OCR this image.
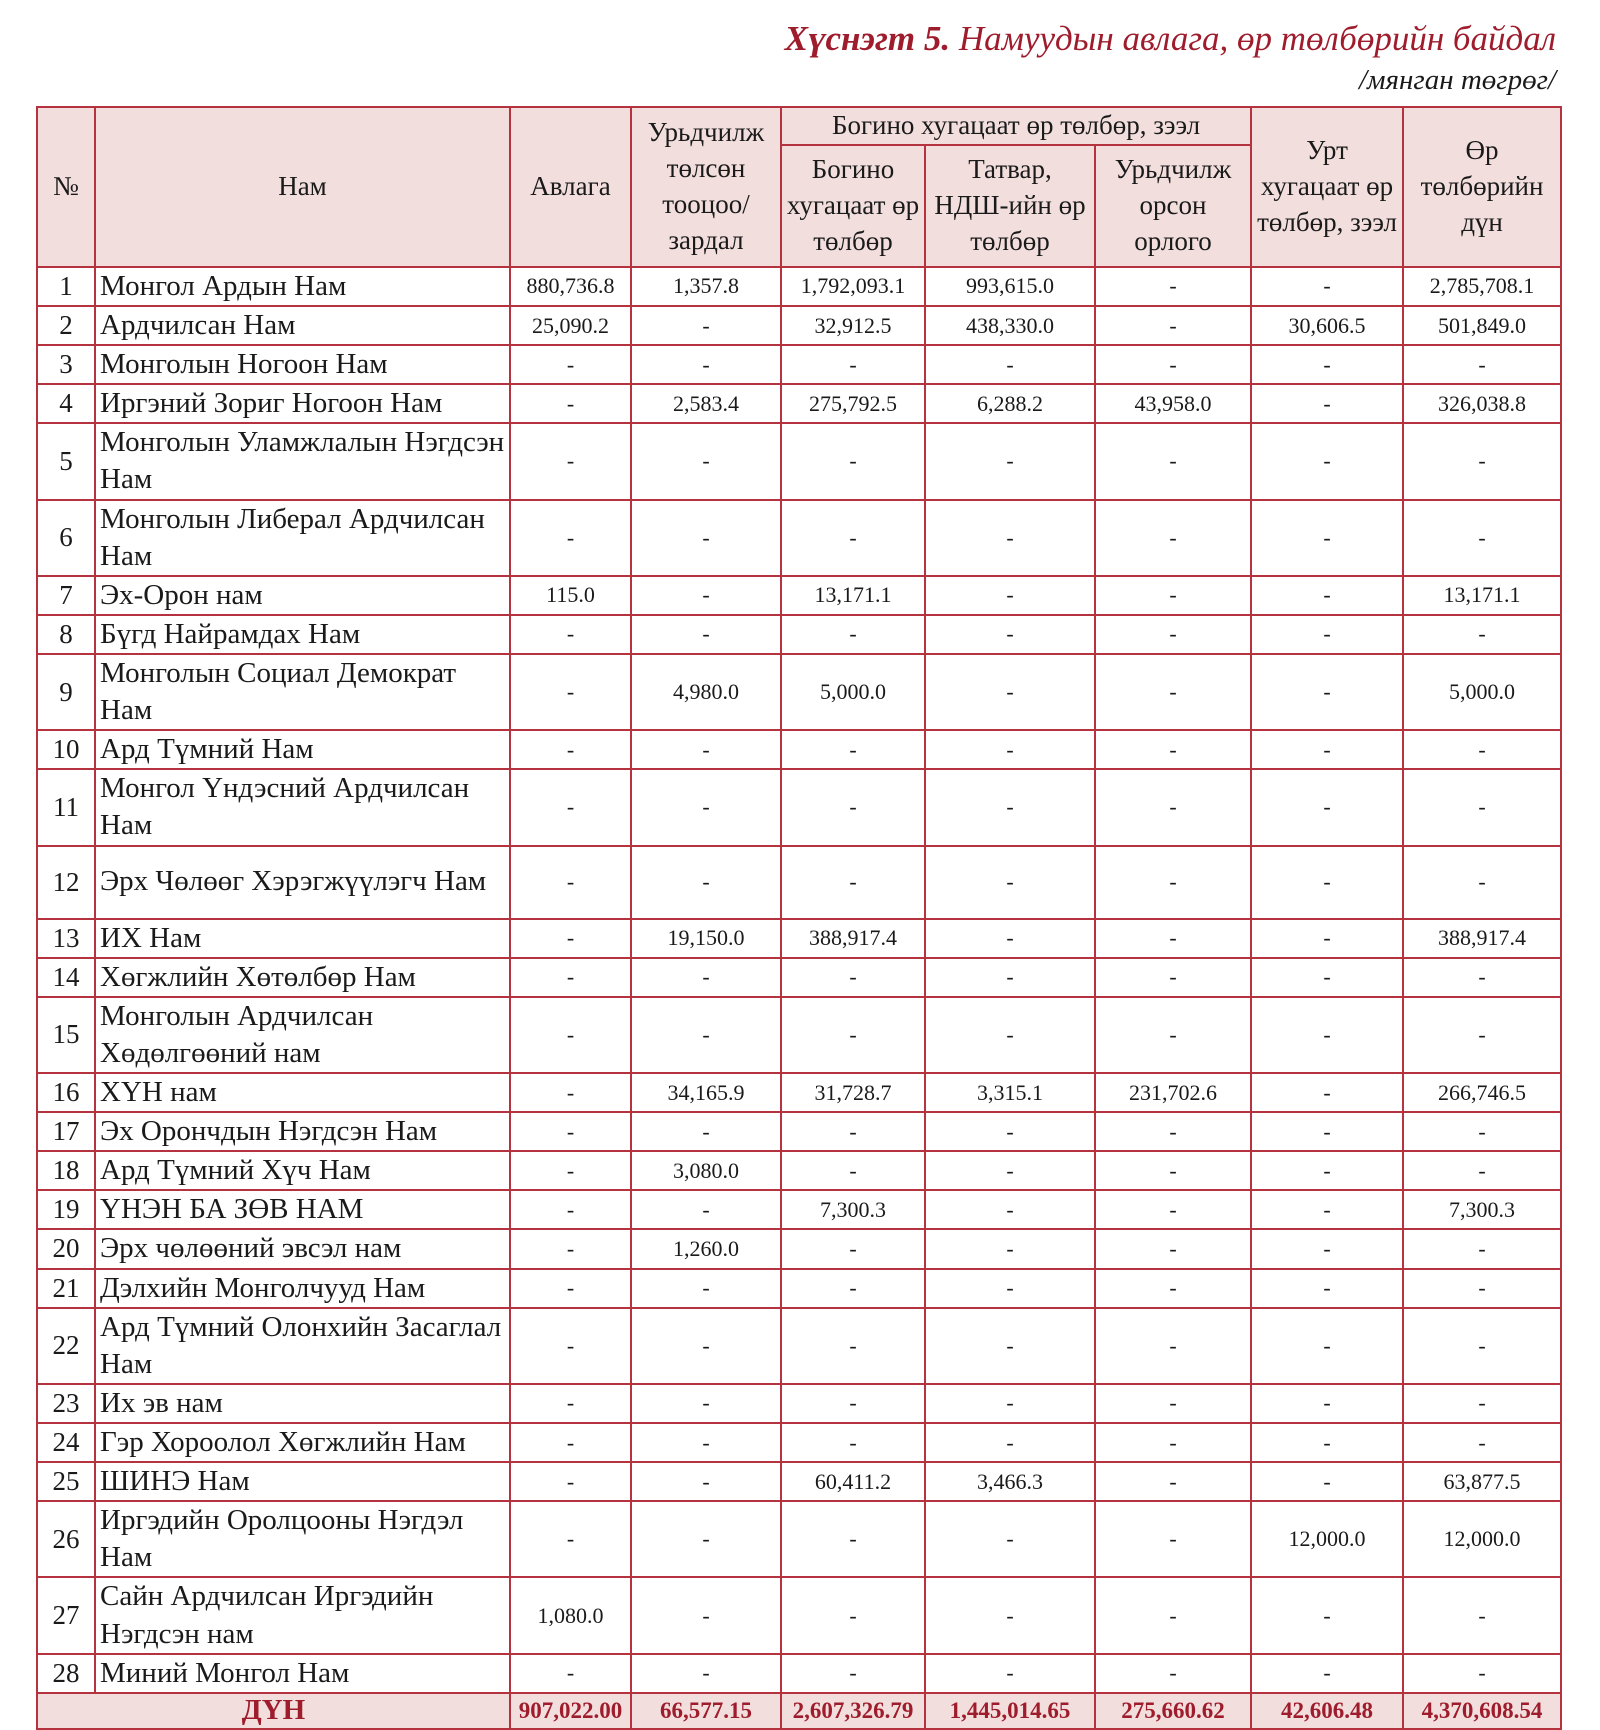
Хүснэгт 5. Намуудын авлага, өр төлбөрийн байдал
/мянган төгрөг/
№	Нам	Авлага	Урьдчилж төлсөн тооцоо/ зардал	Богино хугацаат өр төлбөр, зээл			Урт хугацаат өр төлбөр, зээл	Өр төлбөрийн дүн
				Богино хугацаат өр төлбөр	Татвар, НДШ-ийн өр төлбөр	Урьдчилж орсон орлого		
1	Монгол Ардын Нам	880,736.8	1,357.8	1,792,093.1	993,615.0	-	-	2,785,708.1
2	Ардчилсан Нам	25,090.2	-	32,912.5	438,330.0	-	30,606.5	501,849.0
3	Монголын Ногоон Нам	-	-	-	-	-	-	-
4	Иргэний Зориг Ногоон Нам	-	2,583.4	275,792.5	6,288.2	43,958.0	-	326,038.8
5	Монголын Уламжлалын Нэгдсэн Нам	-	-	-	-	-	-	-
6	Монголын Либерал Ардчилсан Нам	-	-	-	-	-	-	-
7	Эх-Орон нам	115.0	-	13,171.1	-	-	-	13,171.1
8	Бүгд Найрамдах Нам	-	-	-	-	-	-	-
9	Монголын Социал Демократ Нам	-	4,980.0	5,000.0	-	-	-	5,000.0
10	Ард Түмний Нам	-	-	-	-	-	-	-
11	Монгол Үндэсний Ардчилсан Нам	-	-	-	-	-	-	-
12	Эрх Чөлөөг Хэрэгжүүлэгч Нам	-	-	-	-	-	-	-
13	ИХ Нам	-	19,150.0	388,917.4	-	-	-	388,917.4
14	Хөгжлийн Хөтөлбөр Нам	-	-	-	-	-	-	-
15	Монголын Ардчилсан Хөдөлгөөний нам	-	-	-	-	-	-	-
16	ХҮН нам	-	34,165.9	31,728.7	3,315.1	231,702.6	-	266,746.5
17	Эх Орончдын Нэгдсэн Нам	-	-	-	-	-	-	-
18	Ард Түмний Хүч Нам	-	3,080.0	-	-	-	-	-
19	ҮНЭН БА ЗӨВ НАМ	-	-	7,300.3	-	-	-	7,300.3
20	Эрх чөлөөний эвсэл нам	-	1,260.0	-	-	-	-	-
21	Дэлхийн Монголчууд Нам	-	-	-	-	-	-	-
22	Ард Түмний Олонхийн Засаглал Нам	-	-	-	-	-	-	-
23	Их эв нам	-	-	-	-	-	-	-
24	Гэр Хороолол Хөгжлийн Нам	-	-	-	-	-	-	-
25	ШИНЭ Нам	-	-	60,411.2	3,466.3	-	-	63,877.5
26	Иргэдийн Оролцооны Нэгдэл Нам	-	-	-	-	-	12,000.0	12,000.0
27	Сайн Ардчилсан Иргэдийн Нэгдсэн нам	1,080.0	-	-	-	-	-	-
28	Миний Монгол Нам	-	-	-	-	-	-	-
ДҮН		907,022.00	66,577.15	2,607,326.79	1,445,014.65	275,660.62	42,606.48	4,370,608.54
